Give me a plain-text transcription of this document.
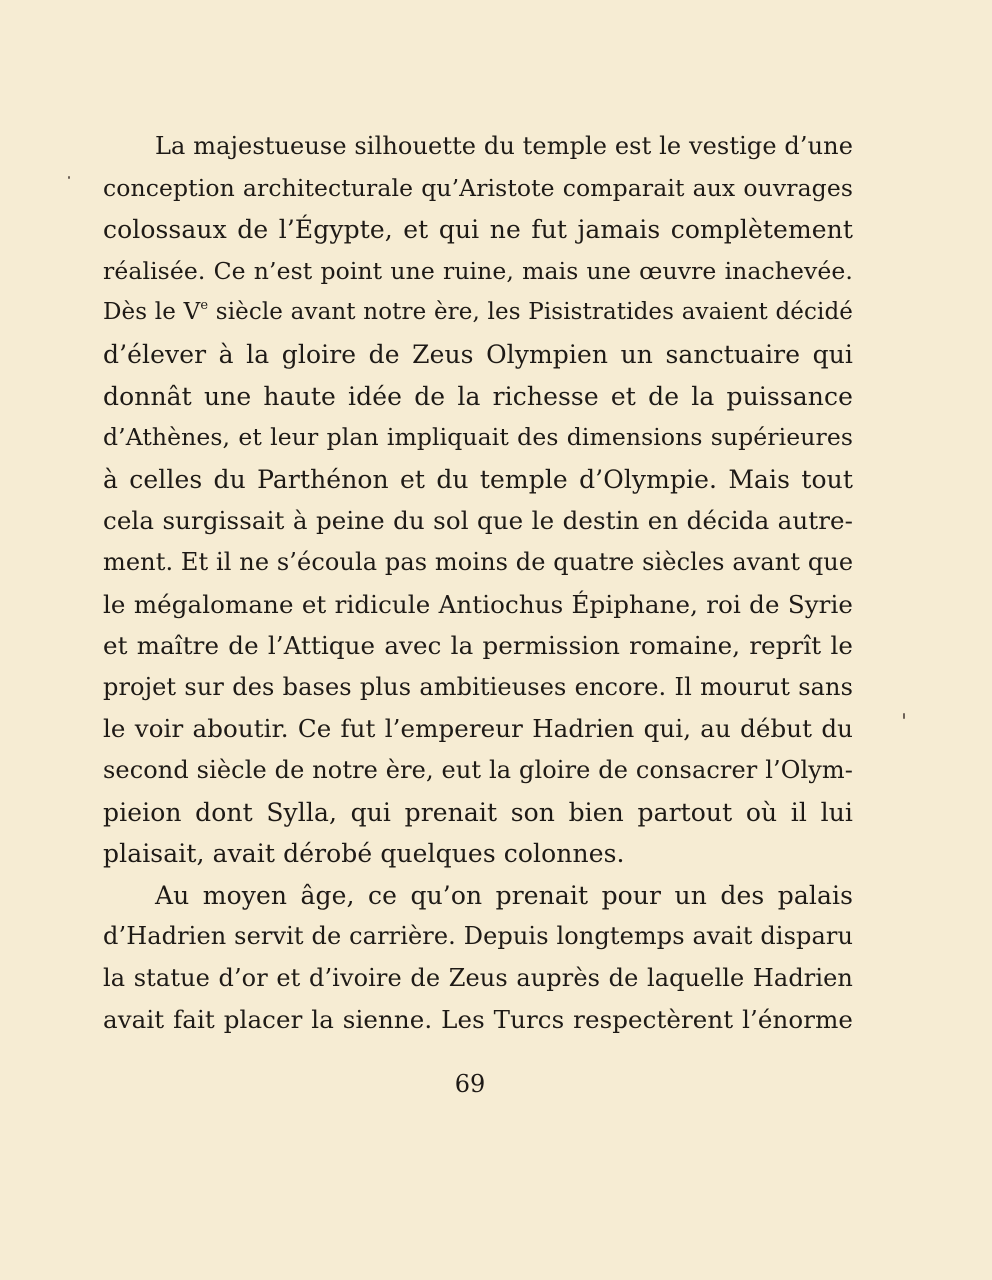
La majestueuse silhouette du temple est le vestige d’une
conception architecturale qu’Aristote comparait aux ouvrages
colossaux de l’Égypte, et qui ne fut jamais complètement
réalisée. Ce n’est point une ruine, mais une œuvre inachevée.
Dès le Ve siècle avant notre ère, les Pisistratides avaient décidé
d’élever à la gloire de Zeus Olympien un sanctuaire qui
donnât une haute idée de la richesse et de la puissance
d’Athènes, et leur plan impliquait des dimensions supérieures
à celles du Parthénon et du temple d’Olympie. Mais tout
cela surgissait à peine du sol que le destin en décida autre-
ment. Et il ne s’écoula pas moins de quatre siècles avant que
le mégalomane et ridicule Antiochus Épiphane, roi de Syrie
et maître de l’Attique avec la permission romaine, reprît le
projet sur des bases plus ambitieuses encore. Il mourut sans
le voir aboutir. Ce fut l’empereur Hadrien qui, au début du
second siècle de notre ère, eut la gloire de consacrer l’Olym-
pieion dont Sylla, qui prenait son bien partout où il lui
plaisait, avait dérobé quelques colonnes.
Au moyen âge, ce qu’on prenait pour un des palais
d’Hadrien servit de carrière. Depuis longtemps avait disparu
la statue d’or et d’ivoire de Zeus auprès de laquelle Hadrien
avait fait placer la sienne. Les Turcs respectèrent l’énorme
69
